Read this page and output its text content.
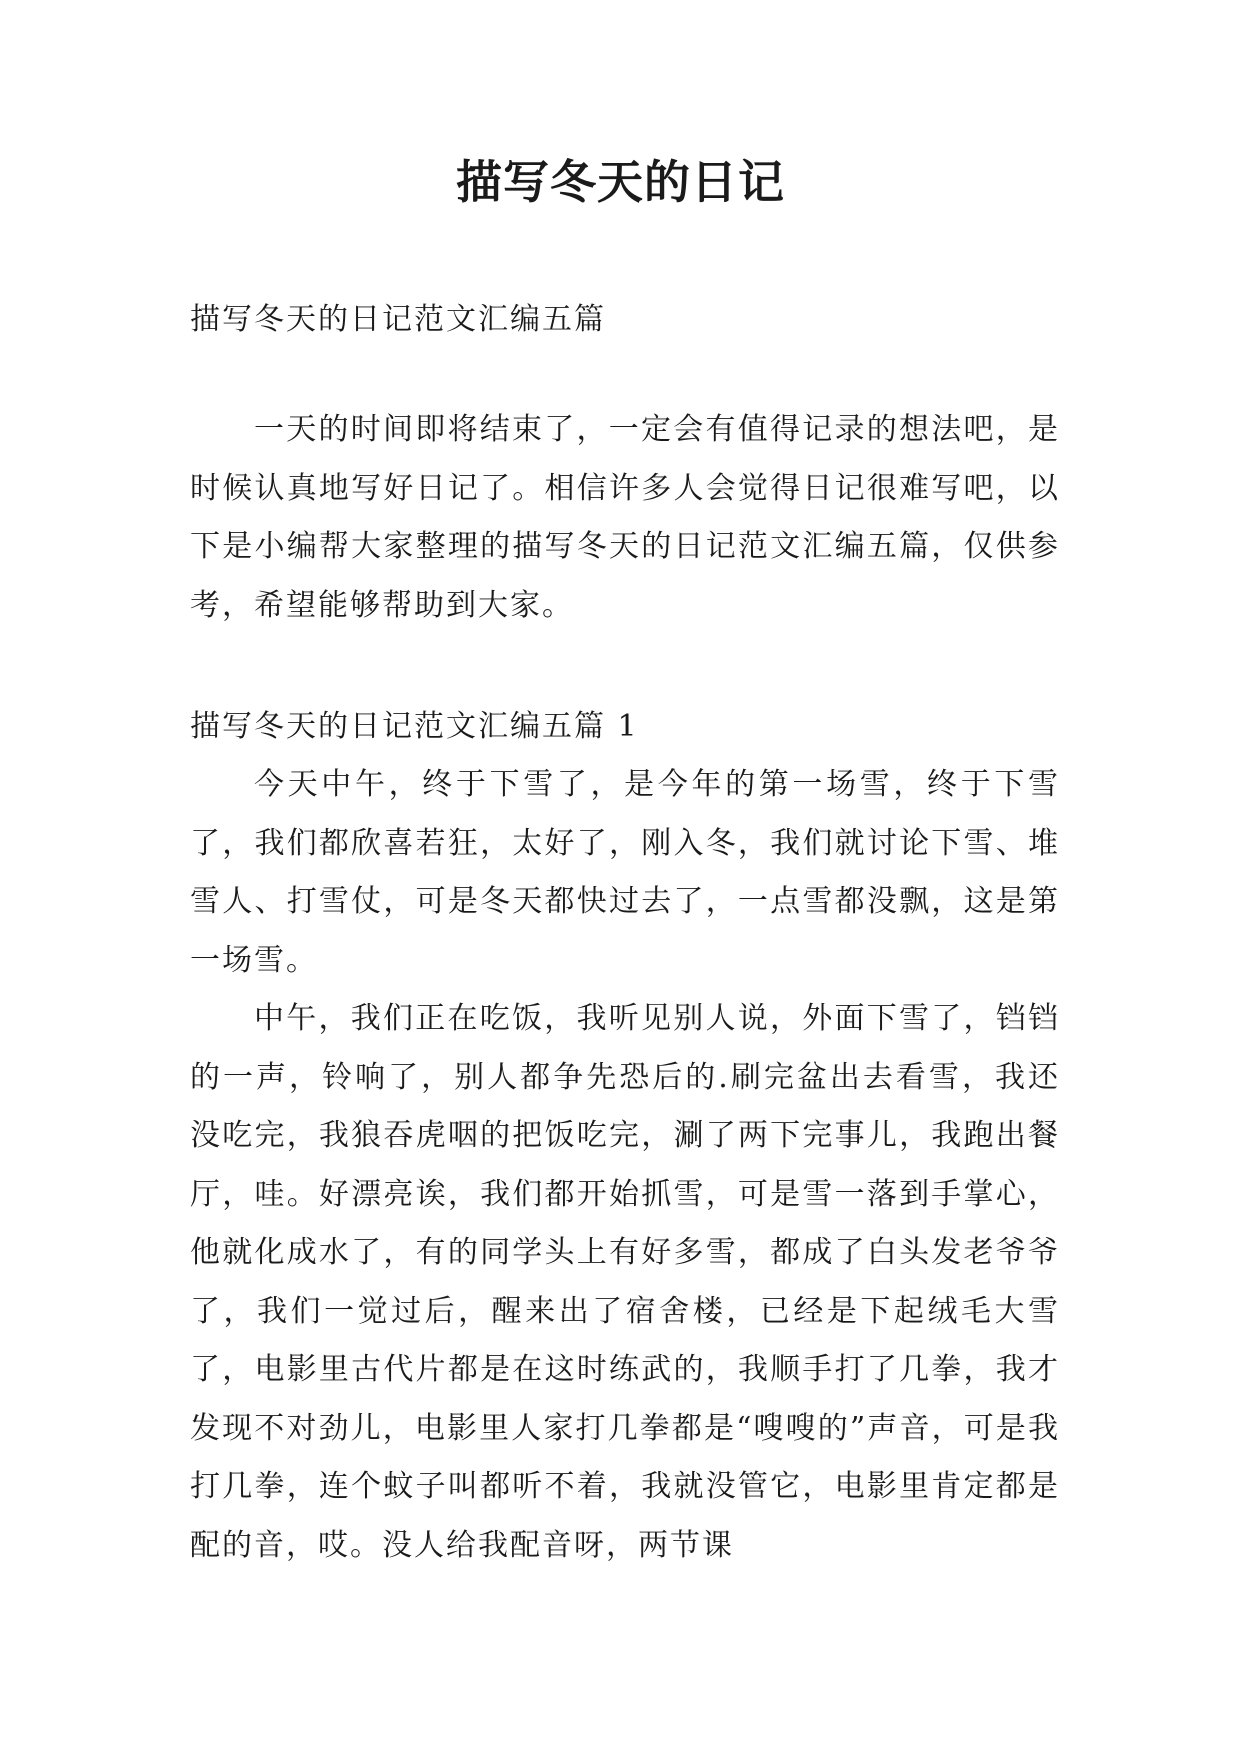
描写冬天的日记

描写冬天的日记范文汇编五篇

一天的时间即将结束了，一定会有值得记录的想法吧，是时候认真地写好日记了。相信许多人会觉得日记很难写吧，以下是小编帮大家整理的描写冬天的日记范文汇编五篇，仅供参考，希望能够帮助到大家。

描写冬天的日记范文汇编五篇 1

今天中午，终于下雪了，是今年的第一场雪，终于下雪了，我们都欣喜若狂，太好了，刚入冬，我们就讨论下雪、堆雪人、打雪仗，可是冬天都快过去了，一点雪都没飘，这是第一场雪。

中午，我们正在吃饭，我听见别人说，外面下雪了，铛铛的一声，铃响了，别人都争先恐后的.刷完盆出去看雪，我还没吃完，我狼吞虎咽的把饭吃完，涮了两下完事儿，我跑出餐厅，哇。好漂亮诶，我们都开始抓雪，可是雪一落到手掌心，他就化成水了，有的同学头上有好多雪，都成了白头发老爷爷了，我们一觉过后，醒来出了宿舍楼，已经是下起绒毛大雪了，电影里古代片都是在这时练武的，我顺手打了几拳，我才发现不对劲儿，电影里人家打几拳都是“嗖嗖的”声音，可是我打几拳，连个蚊子叫都听不着，我就没管它，电影里肯定都是配的音，哎。没人给我配音呀，两节课
